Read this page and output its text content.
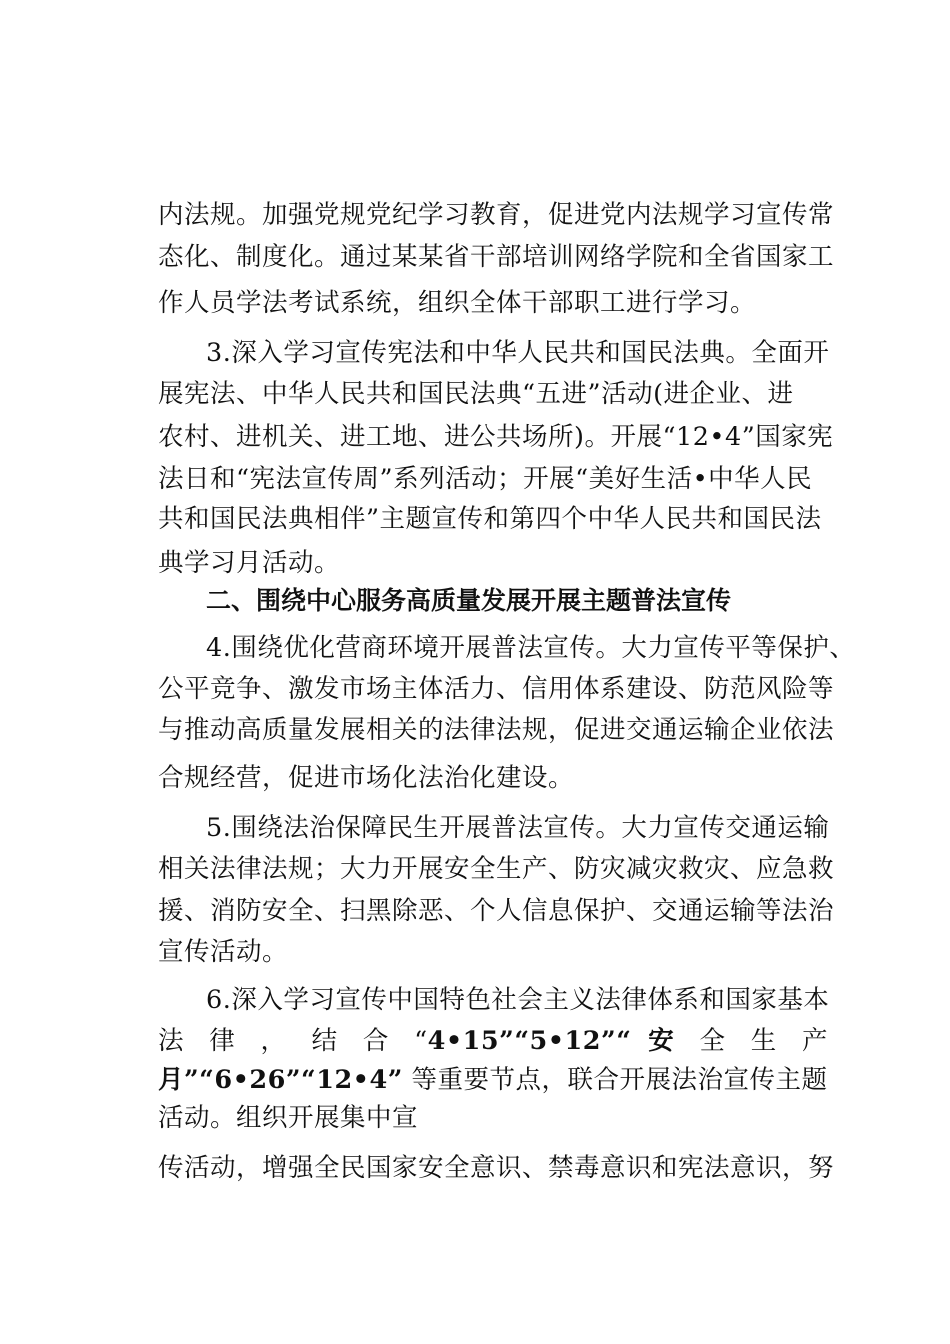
内法规。加强党规党纪学习教育，促进党内法规学习宣传常
态化、制度化。通过某某省干部培训网络学院和全省国家工
作人员学法考试系统，组织全体干部职工进行学习。
3.深入学习宣传宪法和中华人民共和国民法典。全面开
展宪法、中华人民共和国民法典“五进”活动(进企业、进
农村、进机关、进工地、进公共场所)。开展“12•4”国家宪
法日和“宪法宣传周”系列活动；开展“美好生活•中华人民
共和国民法典相伴”主题宣传和第四个中华人民共和国民法
典学习月活动。
二、围绕中心服务高质量发展开展主题普法宣传
4.围绕优化营商环境开展普法宣传。大力宣传平等保护、
公平竞争、激发市场主体活力、信用体系建设、防范风险等
与推动高质量发展相关的法律法规，促进交通运输企业依法
合规经营，促进市场化法治化建设。
5.围绕法治保障民生开展普法宣传。大力宣传交通运输
相关法律法规；大力开展安全生产、防灾减灾救灾、应急救
援、消防安全、扫黑除恶、个人信息保护、交通运输等法治
宣传活动。
6.深入学习宣传中国特色社会主义法律体系和国家基本
法 律 ， 结 合 “4•15”“5•12”“ 安 全 生 产
月”“6•26”“12•4” 等重要节点，联合开展法治宣传主题
活动。组织开展集中宣
传活动，增强全民国家安全意识、禁毒意识和宪法意识，努
